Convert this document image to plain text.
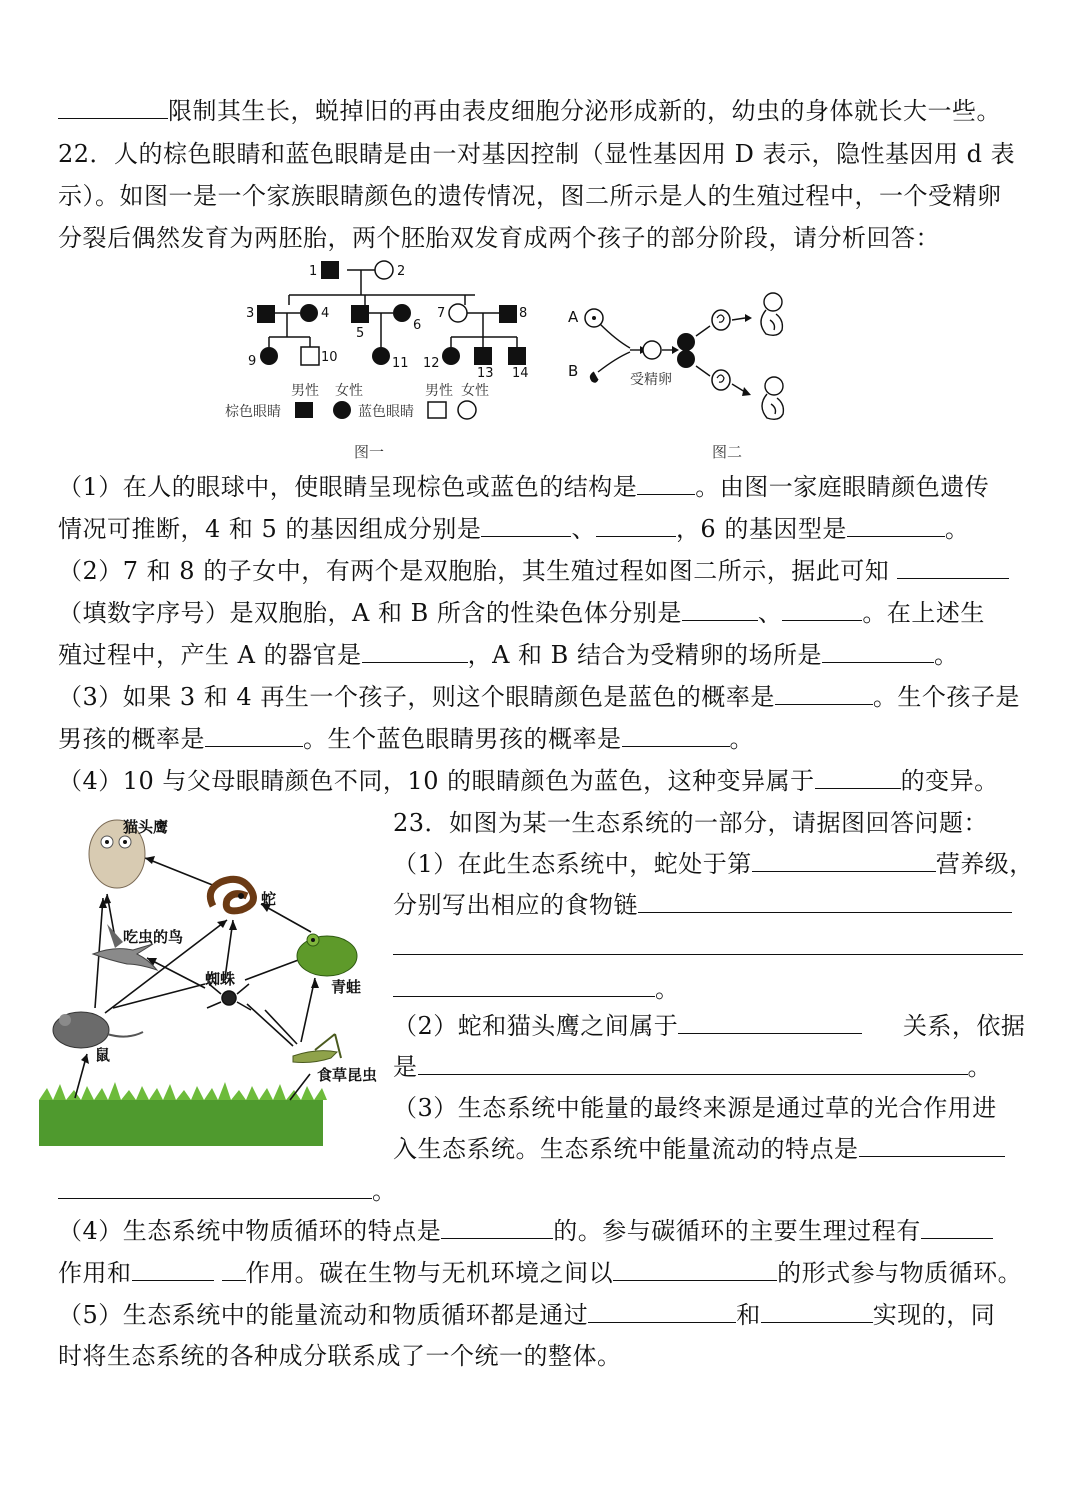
限制其生长，蜕掉旧的再由表皮细胞分泌形成新的，幼虫的身体就长大一些。
22．人的棕色眼睛和蓝色眼睛是由一对基因控制（显性基因用 D 表示，隐性基因用 d 表
示）。如图一是一个家族眼睛颜色的遗传情况，图二所示是人的生殖过程中，一个受精卵
分裂后偶然发育为两胚胎，两个胚胎双发育成两个孩子的部分阶段，请分析回答：
1	2
3	4
5
6
7	8
9	10	11 12
13 14
男性 女性	男性 女性
棕色眼睛	蓝色眼睛
图一
A
B	受精卵
图二
（1）在人的眼球中，使眼睛呈现棕色或蓝色的结构是 。由图一家庭眼睛颜色遗传
情况可推断，4 和 5 的基因组成分别是	、	，6 的基因型是	。
（2）7 和 8 的子女中，有两个是双胞胎，其生殖过程如图二所示，据此可知
（填数字序号）是双胞胎，A 和 B 所含的性染色体分别是	、	。在上述生
殖过程中，产生 A 的器官是	，A 和 B 结合为受精卵的场所是	。
（3）如果 3 和 4 再生一个孩子，则这个眼睛颜色是蓝色的概率是	。生个孩子是
男孩的概率是	。生个蓝色眼睛男孩的概率是	。
（4）10 与父母眼睛颜色不同，10 的眼睛颜色为蓝色，这种变异属于	的变异。
猫头鹰
蛇
吃虫的鸟
青蛙
蜘蛛
鼠
食草昆虫
23．如图为某一生态系统的一部分，请据图回答问题：
（1）在此生态系统中，蛇处于第	营养级，
分别写出相应的食物链
。
（2）蛇和猫头鹰之间属于	关系，依据
是	。
（3）生态系统中能量的最终来源是通过草的光合作用进
入生态系统。生态系统中能量流动的特点是
。
（4）生态系统中物质循环的特点是	的。参与碳循环的主要生理过程有
作用和	作用。碳在生物与无机环境之间以	的形式参与物质循环。
（5）生态系统中的能量流动和物质循环都是通过	和	实现的，同
时将生态系统的各种成分联系成了一个统一的整体。
